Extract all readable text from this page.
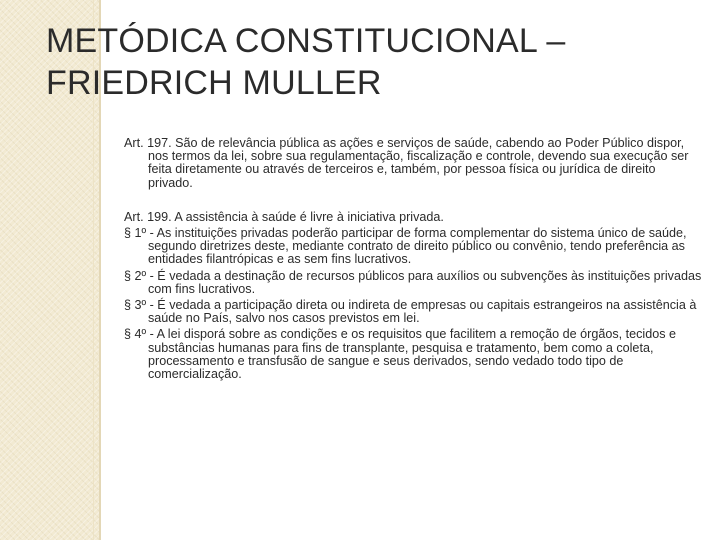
METÓDICA CONSTITUCIONAL – FRIEDRICH MULLER

Art. 197. São de relevância pública as ações e serviços de saúde, cabendo ao Poder Público dispor, nos termos da lei, sobre sua regulamentação, fiscalização e controle, devendo sua execução ser feita diretamente ou através de terceiros e, também, por pessoa física ou jurídica de direito privado.

Art. 199. A assistência à saúde é livre à iniciativa privada.

§ 1º - As instituições privadas poderão participar de forma complementar do sistema único de saúde, segundo diretrizes deste, mediante contrato de direito público ou convênio, tendo preferência as entidades filantrópicas e as sem fins lucrativos.

§ 2º - É vedada a destinação de recursos públicos para auxílios ou subvenções às instituições privadas com fins lucrativos.

§ 3º - É vedada a participação direta ou indireta de empresas ou capitais estrangeiros na assistência à saúde no País, salvo nos casos previstos em lei.

§ 4º - A lei disporá sobre as condições e os requisitos que facilitem a remoção de órgãos, tecidos e substâncias humanas para fins de transplante, pesquisa e tratamento, bem como a coleta, processamento e transfusão de sangue e seus derivados, sendo vedado todo tipo de comercialização.
